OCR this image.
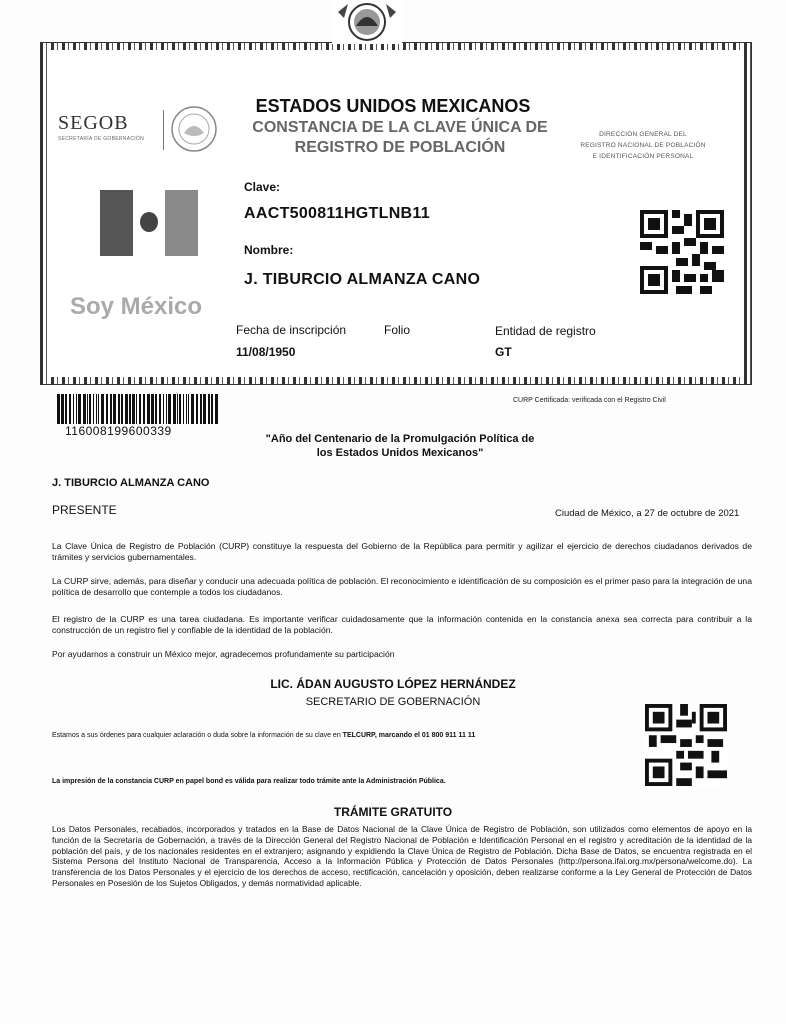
SEGOB
SECRETARÍA DE GOBERNACIÓN
ESTADOS UNIDOS MEXICANOS
CONSTANCIA DE LA CLAVE ÚNICA DE
REGISTRO DE POBLACIÓN
DIRECCIÓN GENERAL DEL
REGISTRO NACIONAL DE POBLACIÓN
E IDENTIFICACIÓN PERSONAL
Soy México
Clave:
AACT500811HGTLNB11
Nombre:
J. TIBURCIO ALMANZA CANO
Fecha de inscripción
11/08/1950
Folio	Entidad de registro
GT
116008199600339
CURP Certificada: verificada con el Registro Civil
"Año del Centenario de la Promulgación Política de
los Estados Unidos Mexicanos"
J. TIBURCIO ALMANZA CANO
PRESENTE	Ciudad de México, a 27 de octubre de 2021
La Clave Única de Registro de Población (CURP) constituye la respuesta del Gobierno de la República para permitir y agilizar el ejercicio de derechos ciudadanos derivados de trámites y servicios gubernamentales.
La CURP sirve, además, para diseñar y conducir una adecuada política de población. El reconocimiento e identificación de su composición es el primer paso para la integración de una política de desarrollo que contemple a todos los ciudadanos.
El registro de la CURP es una tarea ciudadana. Es importante verificar cuidadosamente que la información contenida en la constancia anexa sea correcta para contribuir a la construcción de un registro fiel y confiable de la identidad de la población.
Por ayudarnos a construir un México mejor, agradecemos profundamente su participación
LIC. ÁDAN AUGUSTO LÓPEZ HERNÁNDEZ
SECRETARIO DE GOBERNACIÓN
Estamos a sus órdenes para cualquier aclaración o duda sobre la información de su clave en TELCURP, marcando el 01 800 911 11 11
La impresión de la constancia CURP en papel bond es válida para realizar todo trámite ante la Administración Pública.
TRÁMITE GRATUITO
Los Datos Personales, recabados, incorporados y tratados en la Base de Datos Nacional de la Clave Única de Registro de Población, son utilizados como elementos de apoyo en la función de la Secretaría de Gobernación, a través de la Dirección General del Registro Nacional de Población e Identificación Personal en el registro y acreditación de la identidad de la población del país, y de los nacionales residentes en el extranjero; asignando y expidiendo la Clave Única de Registro de Población. Dicha Base de Datos, se encuentra registrada en el Sistema Persona del Instituto Nacional de Transparencia, Acceso a la Información Pública y Protección de Datos Personales (http://persona.ifai.org.mx/persona/welcome.do). La transferencia de los Datos Personales y el ejercicio de los derechos de acceso, rectificación, cancelación y oposición, deben realizarse conforme a la Ley General de Protección de Datos Personales en Posesión de los Sujetos Obligados, y demás normatividad aplicable.
